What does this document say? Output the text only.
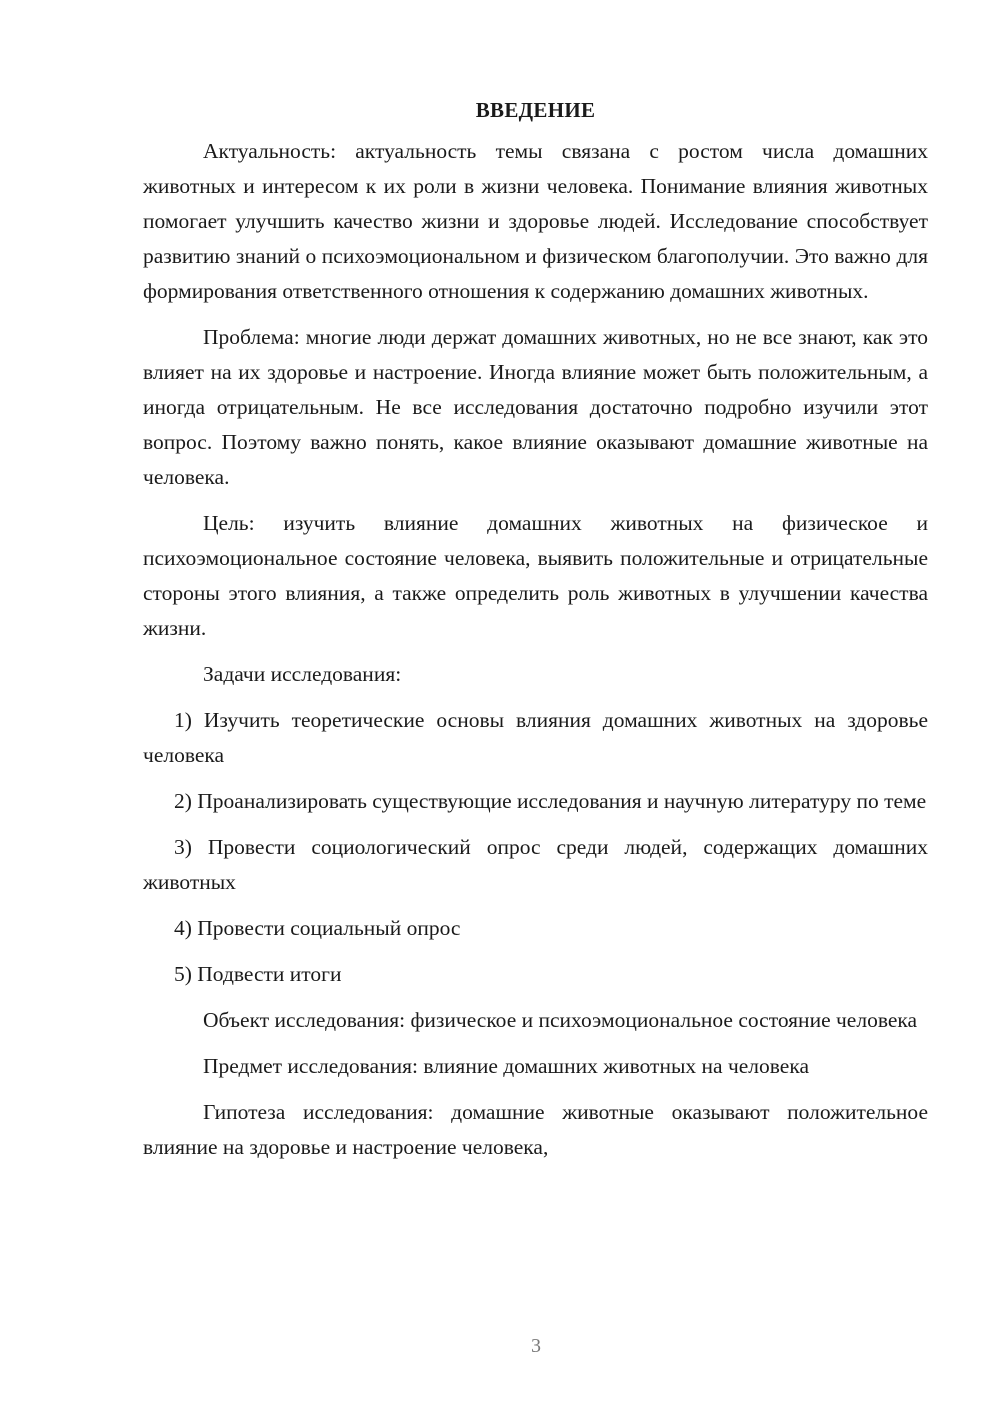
ВВЕДЕНИЕ

Актуальность: актуальность темы связана с ростом числа домашних животных и интересом к их роли в жизни человека. Понимание влияния животных помогает улучшить качество жизни и здоровье людей. Исследование способствует развитию знаний о психоэмоциональном и физическом благополучии. Это важно для формирования ответственного отношения к содержанию домашних животных.

Проблема: многие люди держат домашних животных, но не все знают, как это влияет на их здоровье и настроение. Иногда влияние может быть положительным, а иногда отрицательным. Не все исследования достаточно подробно изучили этот вопрос. Поэтому важно понять, какое влияние оказывают домашние животные на человека.

Цель: изучить влияние домашних животных на физическое и психоэмоциональное состояние человека, выявить положительные и отрицательные стороны этого влияния, а также определить роль животных в улучшении качества жизни.

Задачи исследования:

1) Изучить теоретические основы влияния домашних животных на здоровье человека

2) Проанализировать существующие исследования и научную литературу по теме

3) Провести социологический опрос среди людей, содержащих домашних животных

4) Провести социальный опрос

5) Подвести итоги

Объект исследования: физическое и психоэмоциональное состояние человека

Предмет исследования: влияние домашних животных на человека

Гипотеза исследования: домашние животные оказывают положительное влияние на здоровье и настроение человека,

3
